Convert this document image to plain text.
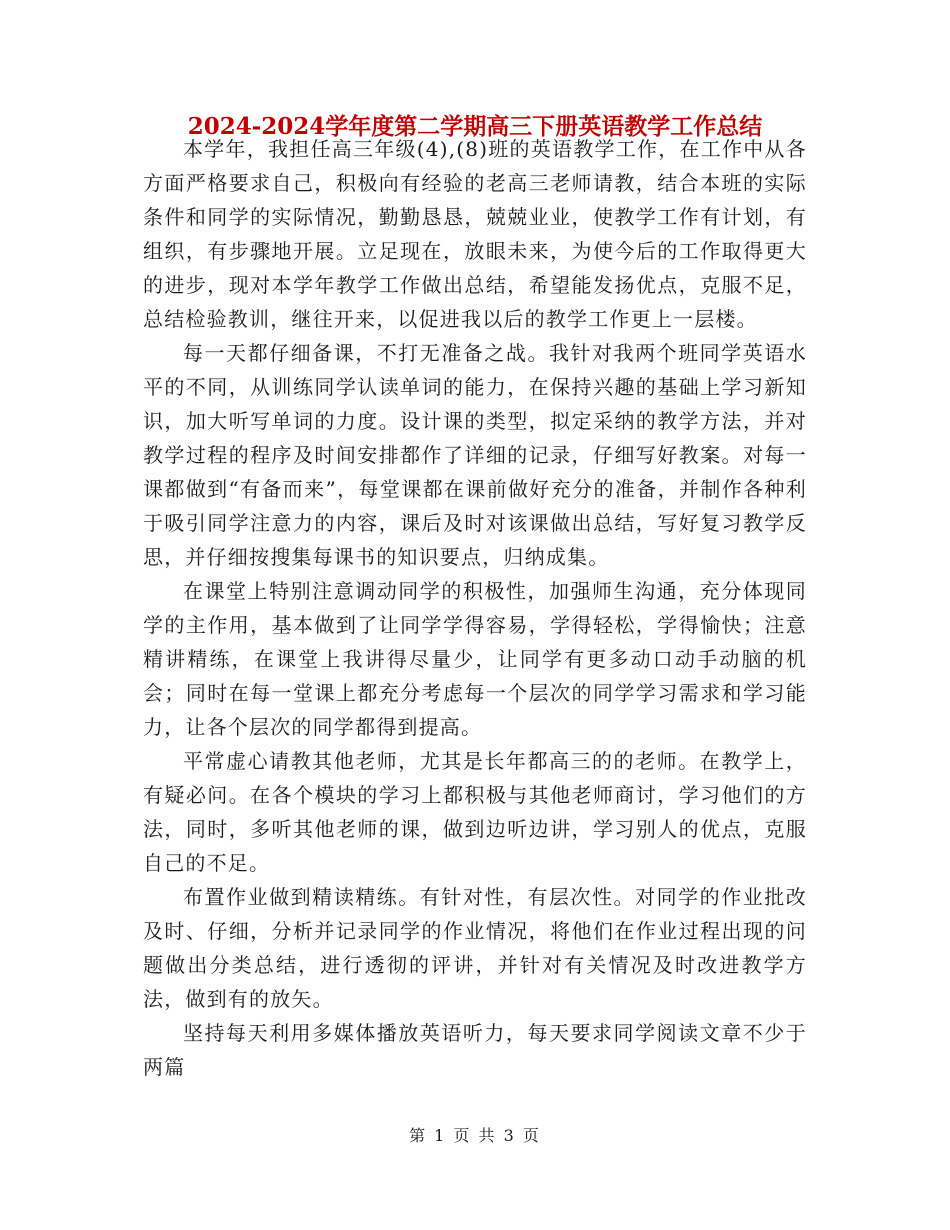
2024-2024学年度第二学期高三下册英语教学工作总结

本学年，我担任高三年级(4),(8)班的英语教学工作，在工作中从各方面严格要求自己，积极向有经验的老高三老师请教，结合本班的实际条件和同学的实际情况，勤勤恳恳，兢兢业业，使教学工作有计划，有组织，有步骤地开展。立足现在，放眼未来，为使今后的工作取得更大的进步，现对本学年教学工作做出总结，希望能发扬优点，克服不足，总结检验教训，继往开来，以促进我以后的教学工作更上一层楼。

每一天都仔细备课，不打无准备之战。我针对我两个班同学英语水平的不同，从训练同学认读单词的能力，在保持兴趣的基础上学习新知识，加大听写单词的力度。设计课的类型，拟定采纳的教学方法，并对教学过程的程序及时间安排都作了详细的记录，仔细写好教案。对每一课都做到“有备而来”，每堂课都在课前做好充分的准备，并制作各种利于吸引同学注意力的内容，课后及时对该课做出总结，写好复习教学反思，并仔细按搜集每课书的知识要点，归纳成集。

在课堂上特别注意调动同学的积极性，加强师生沟通，充分体现同学的主作用，基本做到了让同学学得容易，学得轻松，学得愉快；注意精讲精练，在课堂上我讲得尽量少，让同学有更多动口动手动脑的机会；同时在每一堂课上都充分考虑每一个层次的同学学习需求和学习能力，让各个层次的同学都得到提高。

平常虚心请教其他老师，尤其是长年都高三的的老师。在教学上，有疑必问。在各个模块的学习上都积极与其他老师商讨，学习他们的方法，同时，多听其他老师的课，做到边听边讲，学习别人的优点，克服自己的不足。

布置作业做到精读精练。有针对性，有层次性。对同学的作业批改及时、仔细，分析并记录同学的作业情况，将他们在作业过程出现的问题做出分类总结，进行透彻的评讲，并针对有关情况及时改进教学方法，做到有的放矢。

坚持每天利用多媒体播放英语听力，每天要求同学阅读文章不少于两篇

第 1 页 共 3 页
